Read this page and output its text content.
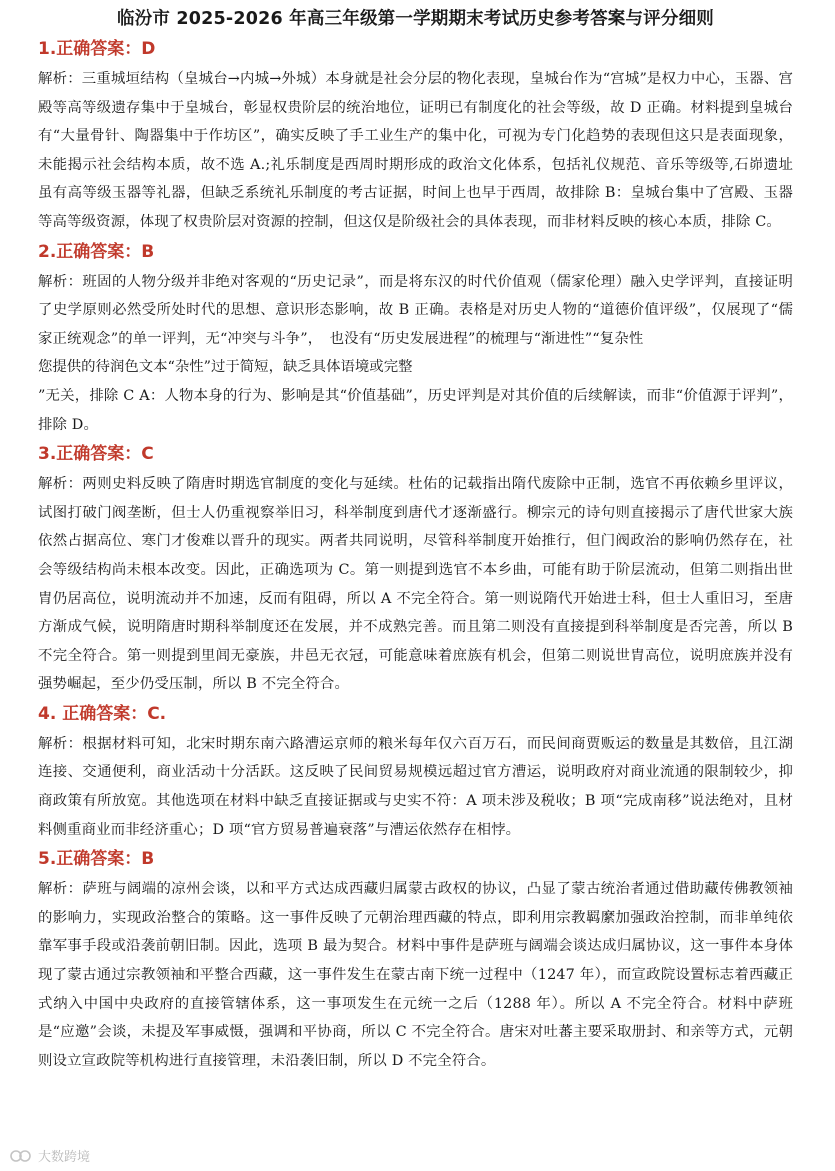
临汾市 2025-2026 年高三年级第一学期期末考试历史参考答案与评分细则
1.正确答案：D

解析：三重城垣结构（皇城台→内城→外城）本身就是社会分层的物化表现，皇城台作为“宫城”是权力中心，玉器、宫殿等高等级遗存集中于皇城台，彰显权贵阶层的统治地位，证明已有制度化的社会等级，故 D 正确。材料提到皇城台有“大量骨针、陶器集中于作坊区”，确实反映了手工业生产的集中化，可视为专门化趋势的表现但这只是表面现象，未能揭示社会结构本质，故不选 A.;礼乐制度是西周时期形成的政治文化体系，包括礼仪规范、音乐等级等,石峁遗址虽有高等级玉器等礼器，但缺乏系统礼乐制度的考古证据，时间上也早于西周，故排除 B：皇城台集中了宫殿、玉器等高等级资源，体现了权贵阶层对资源的控制，但这仅是阶级社会的具体表现，而非材料反映的核心本质，排除 C。

2.正确答案：B

解析：班固的人物分级并非绝对客观的“历史记录”，而是将东汉的时代价值观（儒家伦理）融入史学评判，直接证明了史学原则必然受所处时代的思想、意识形态影响，故 B 正确。表格是对历史人物的“道德价值评级”，仅展现了“儒家正统观念”的单一评判，无“冲突与斗争”，　也没有“历史发展进程”的梳理与“渐进性”“复杂性

您提供的待润色文本“杂性”过于简短，缺乏具体语境或完整

”无关，排除 C A：人物本身的行为、影响是其“价值基础”，历史评判是对其价值的后续解读，而非“价值源于评判”，排除 D。

3.正确答案：C

解析：两则史料反映了隋唐时期选官制度的变化与延续。杜佑的记载指出隋代废除中正制，选官不再依赖乡里评议，试图打破门阀垄断，但士人仍重视察举旧习，科举制度到唐代才逐渐盛行。柳宗元的诗句则直接揭示了唐代世家大族依然占据高位、寒门才俊难以晋升的现实。两者共同说明，尽管科举制度开始推行，但门阀政治的影响仍然存在，社会等级结构尚未根本改变。因此，正确选项为 C。第一则提到选官不本乡曲，可能有助于阶层流动，但第二则指出世胄仍居高位，说明流动并不加速，反而有阻碍，所以 A 不完全符合。第一则说隋代开始进士科，但士人重旧习，至唐方渐成气候，说明隋唐时期科举制度还在发展，并不成熟完善。而且第二则没有直接提到科举制度是否完善，所以 B 不完全符合。第一则提到里闾无豪族，井邑无衣冠，可能意味着庶族有机会，但第二则说世胄高位，说明庶族并没有强势崛起，至少仍受压制，所以 B 不完全符合。

4. 正确答案：C.

解析：根据材料可知，北宋时期东南六路漕运京师的粮米每年仅六百万石，而民间商贾贩运的数量是其数倍，且江湖连接、交通便利，商业活动十分活跃。这反映了民间贸易规模远超过官方漕运，说明政府对商业流通的限制较少，抑商政策有所放宽。其他选项在材料中缺乏直接证据或与史实不符：A 项未涉及税收；B 项“完成南移”说法绝对，且材料侧重商业而非经济重心；D 项“官方贸易普遍衰落”与漕运依然存在相悖。

5.正确答案：B

解析：萨班与阔端的凉州会谈，以和平方式达成西藏归属蒙古政权的协议，凸显了蒙古统治者通过借助藏传佛教领袖的影响力，实现政治整合的策略。这一事件反映了元朝治理西藏的特点，即利用宗教羁縻加强政治控制，而非单纯依靠军事手段或沿袭前朝旧制。因此，选项 B 最为契合。材料中事件是萨班与阔端会谈达成归属协议，这一事件本身体现了蒙古通过宗教领袖和平整合西藏，这一事件发生在蒙古南下统一过程中（1247 年），而宣政院设置标志着西藏正式纳入中国中央政府的直接管辖体系，这一事项发生在元统一之后（1288 年）。所以 A 不完全符合。材料中萨班是“应邀”会谈，未提及军事威慑，强调和平协商，所以 C 不完全符合。唐宋对吐蕃主要采取册封、和亲等方式，元朝则设立宣政院等机构进行直接管理，未沿袭旧制，所以 D 不完全符合。

大数跨境
